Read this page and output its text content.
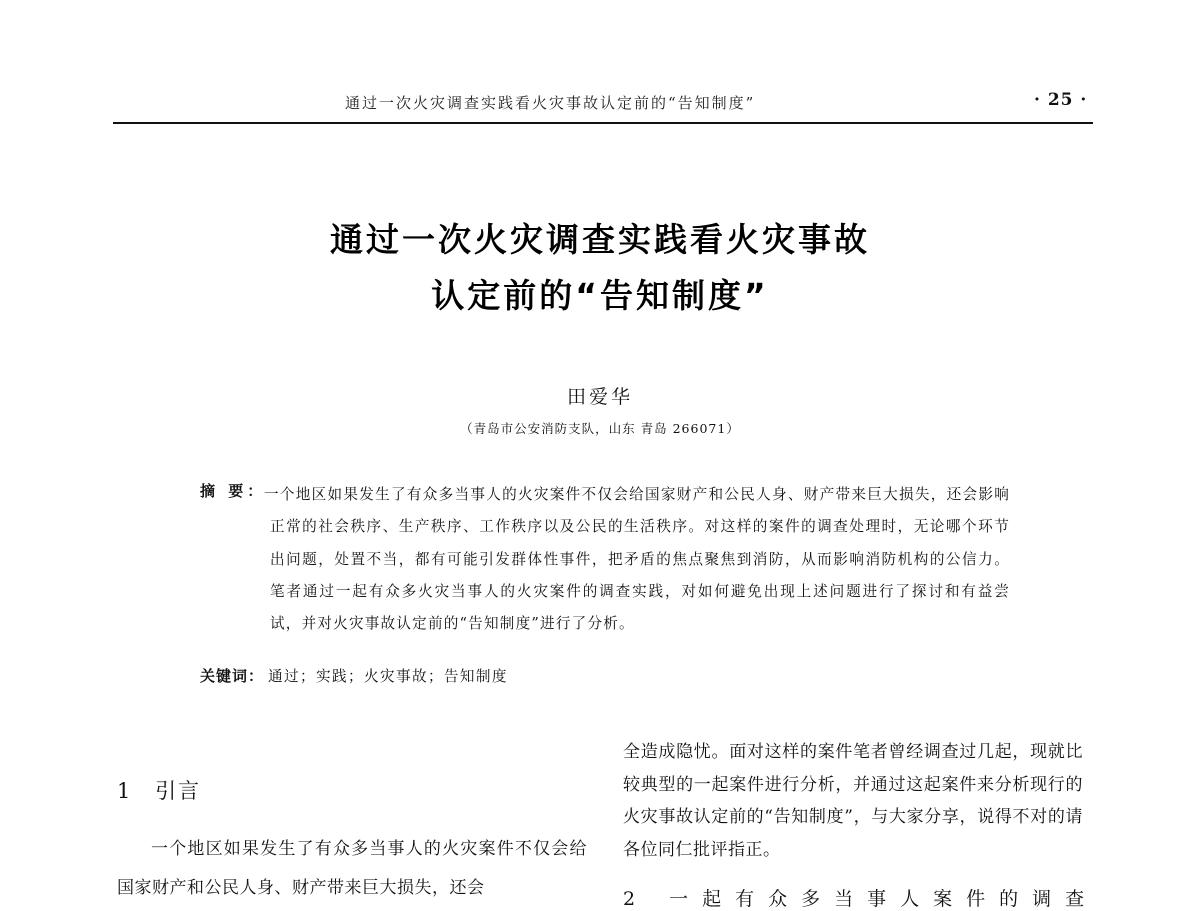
通过一次火灾调查实践看火灾事故认定前的“告知制度”	· 25 ·
通过一次火灾调查实践看火灾事故
认定前的“告知制度”
田爱华
（青岛市公安消防支队，山东 青岛 266071）
摘 要：
一个地区如果发生了有众多当事人的火灾案件不仅会给国家财产和公民人身、财产带来巨大损失，还会影响正常的社会秩序、生产秩序、工作秩序以及公民的生活秩序。对这样的案件的调查处理时，无论哪个环节出问题，处置不当，都有可能引发群体性事件，把矛盾的焦点聚焦到消防，从而影响消防机构的公信力。笔者通过一起有众多火灾当事人的火灾案件的调查实践，对如何避免出现上述问题进行了探讨和有益尝试，并对火灾事故认定前的“告知制度”进行了分析。
关键词： 通过；实践；火灾事故；告知制度
1 引言
一个地区如果发生了有众多当事人的火灾案件不仅会给国家财产和公民人身、财产带来巨大损失，还会
全造成隐忧。面对这样的案件笔者曾经调查过几起，现就比较典型的一起案件进行分析，并通过这起案件来分析现行的火灾事故认定前的“告知制度”，与大家分享，说得不对的请各位同仁批评指正。
2 一起有众多当事人案件的调查
